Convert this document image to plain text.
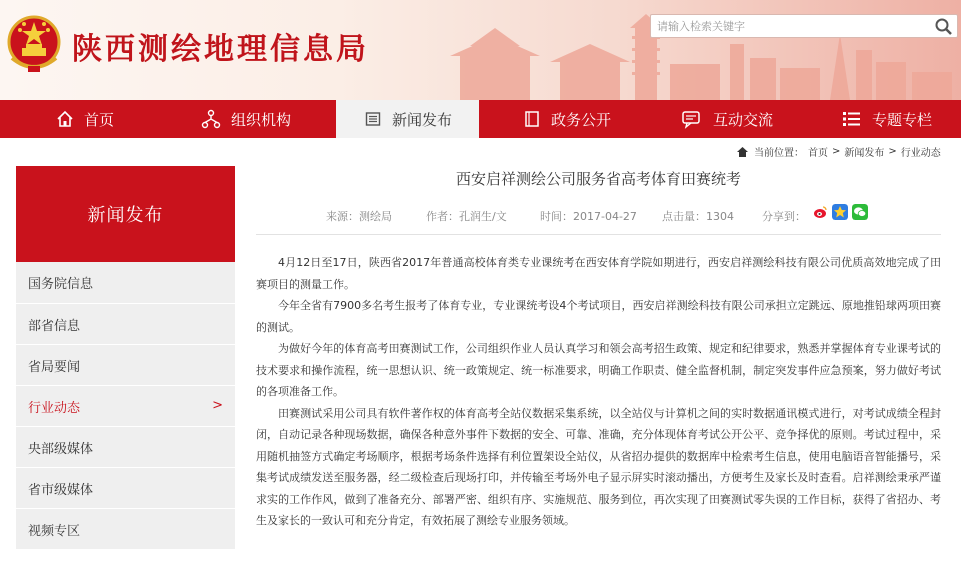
陕西测绘地理信息局
请输入检索关键字
首页	组织机构	新闻发布	政务公开	互动交流	专题专栏
当前位置： 首页 > 新闻发布 > 行业动态
新闻发布
国务院信息
部省信息
省局要闻
行业动态	>
央部级媒体
省市级媒体
视频专区
西安启祥测绘公司服务省高考体育田赛统考
来源：测绘局	作者：孔润生/文	时间：2017-04-27 点击量：1304	分享到：

4月12日至17日，陕西省2017年普通高校体育类专业课统考在西安体育学院如期进行，西安启祥测绘科技有限公司优质高效地完成了田赛项目的测量工作。

今年全省有7900多名考生报考了体育专业，专业课统考设4个考试项目，西安启祥测绘科技有限公司承担立定跳远、原地推铅球两项田赛的测试。

为做好今年的体育高考田赛测试工作，公司组织作业人员认真学习和领会高考招生政策、规定和纪律要求，熟悉并掌握体育专业课考试的技术要求和操作流程，统一思想认识、统一政策规定、统一标准要求，明确工作职责、健全监督机制，制定突发事件应急预案，努力做好考试的各项准备工作。

田赛测试采用公司具有软件著作权的体育高考全站仪数据采集系统，以全站仪与计算机之间的实时数据通讯模式进行，对考试成绩全程封闭，自动记录各种现场数据，确保各种意外事件下数据的安全、可靠、准确，充分体现体育考试公开公平、竞争择优的原则。考试过程中，采用随机抽签方式确定考场顺序，根据考场条件选择有利位置架设全站仪，从省招办提供的数据库中检索考生信息，使用电脑语音智能播号，采集考试成绩发送至服务器，经二级检查后现场打印，并传输至考场外电子显示屏实时滚动播出，方便考生及家长及时查看。启祥测绘秉承严谨求实的工作作风，做到了准备充分、部署严密、组织有序、实施规范、服务到位，再次实现了田赛测试零失误的工作目标，获得了省招办、考生及家长的一致认可和充分肯定，有效拓展了测绘专业服务领域。
